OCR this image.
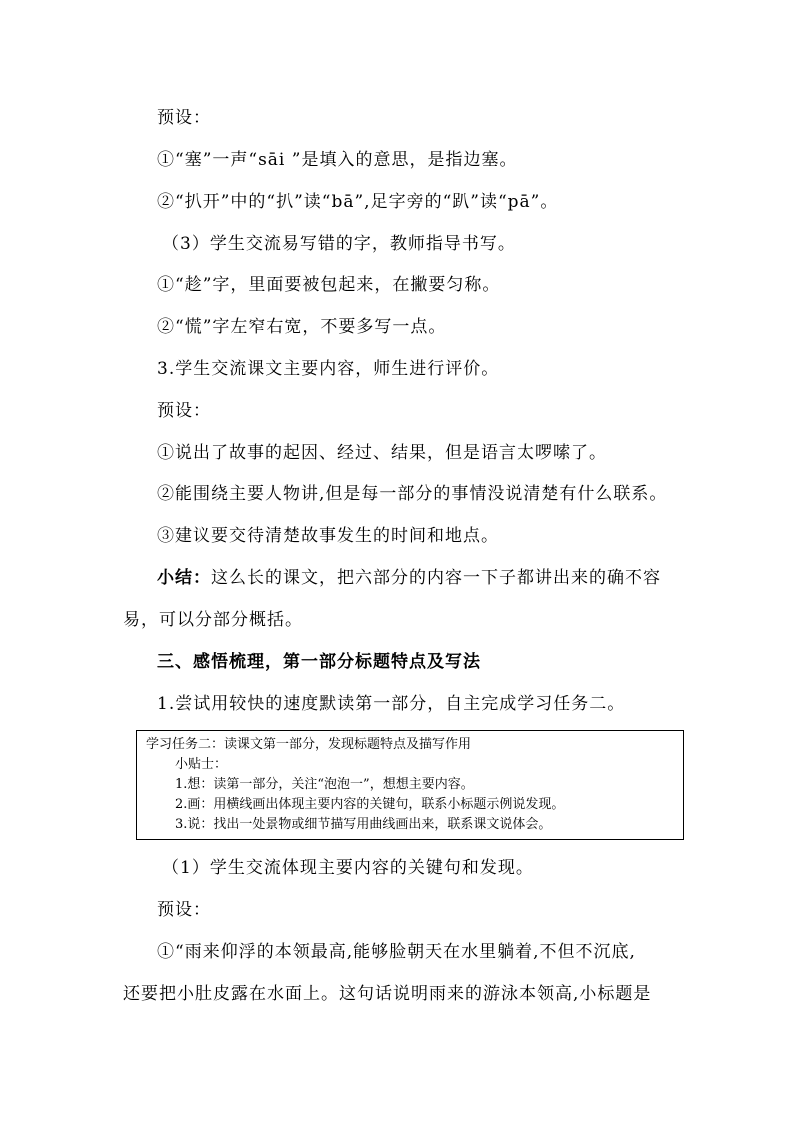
预设：
①“塞”一声“sāi ”是填入的意思，是指边塞。
②“扒开”中的“扒”读“bā”,足字旁的“趴”读“pā”。
（3）学生交流易写错的字，教师指导书写。
①“趁”字，里面要被包起来，在撇要匀称。
②“慌”字左窄右宽，不要多写一点。
3.学生交流课文主要内容，师生进行评价。
预设：
①说出了故事的起因、经过、结果，但是语言太啰嗦了。
②能围绕主要人物讲,但是每一部分的事情没说清楚有什么联系。
③建议要交待清楚故事发生的时间和地点。
小结：这么长的课文，把六部分的内容一下子都讲出来的确不容
易，可以分部分概括。
三、感悟梳理，第一部分标题特点及写法
1.尝试用较快的速度默读第一部分，自主完成学习任务二。
学习任务二：读课文第一部分，发现标题特点及描写作用
小贴士：
1.想：读第一部分，关注“泡泡一”，想想主要内容。
2.画：用横线画出体现主要内容的关键句，联系小标题示例说发现。
3.说：找出一处景物或细节描写用曲线画出来，联系课文说体会。
（1）学生交流体现主要内容的关键句和发现。
预设：
①“雨来仰浮的本领最高,能够脸朝天在水里躺着,不但不沉底,
还要把小肚皮露在水面上。这句话说明雨来的游泳本领高,小标题是
